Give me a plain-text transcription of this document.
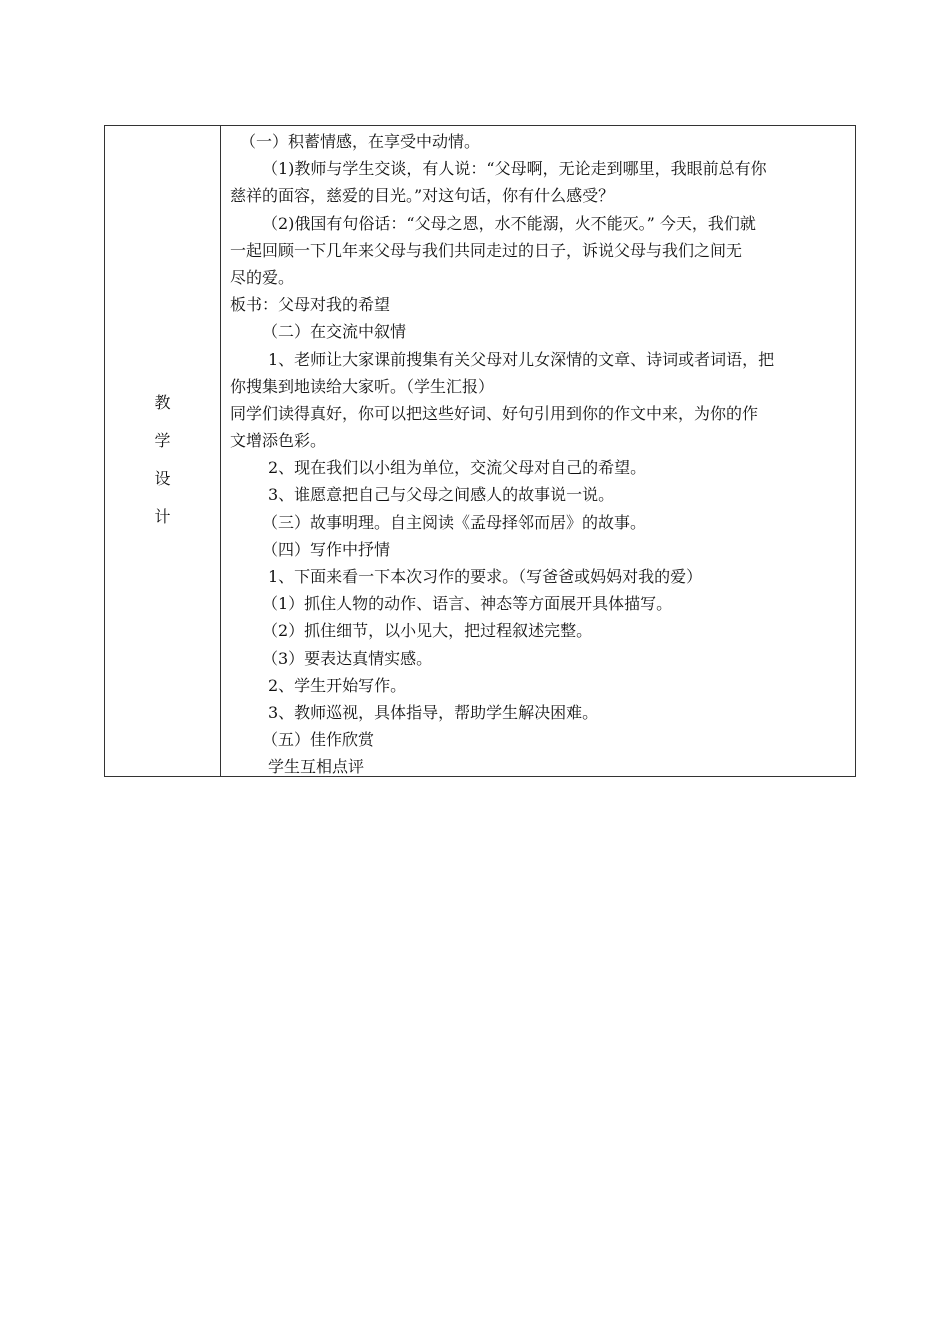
教
学
设
计
（一）积蓄情感，在享受中动情。
（1)教师与学生交谈，有人说：“父母啊，无论走到哪里，我眼前总有你
慈祥的面容，慈爱的目光。”对这句话，你有什么感受？
（2)俄国有句俗话：“父母之恩，水不能溺，火不能灭。” 今天，我们就
一起回顾一下几年来父母与我们共同走过的日子，诉说父母与我们之间无
尽的爱。
板书：父母对我的希望
（二）在交流中叙情
1、老师让大家课前搜集有关父母对儿女深情的文章、诗词或者词语，把
你搜集到地读给大家听。（学生汇报）
同学们读得真好，你可以把这些好词、好句引用到你的作文中来，为你的作
文增添色彩。
2、现在我们以小组为单位，交流父母对自己的希望。
3、谁愿意把自己与父母之间感人的故事说一说。
（三）故事明理。自主阅读《孟母择邻而居》的故事。
（四）写作中抒情
1、下面来看一下本次习作的要求。（写爸爸或妈妈对我的爱）
（1）抓住人物的动作、语言、神态等方面展开具体描写。
（2）抓住细节，以小见大，把过程叙述完整。
（3）要表达真情实感。
2、学生开始写作。
3、教师巡视，具体指导，帮助学生解决困难。
（五）佳作欣赏
学生互相点评
